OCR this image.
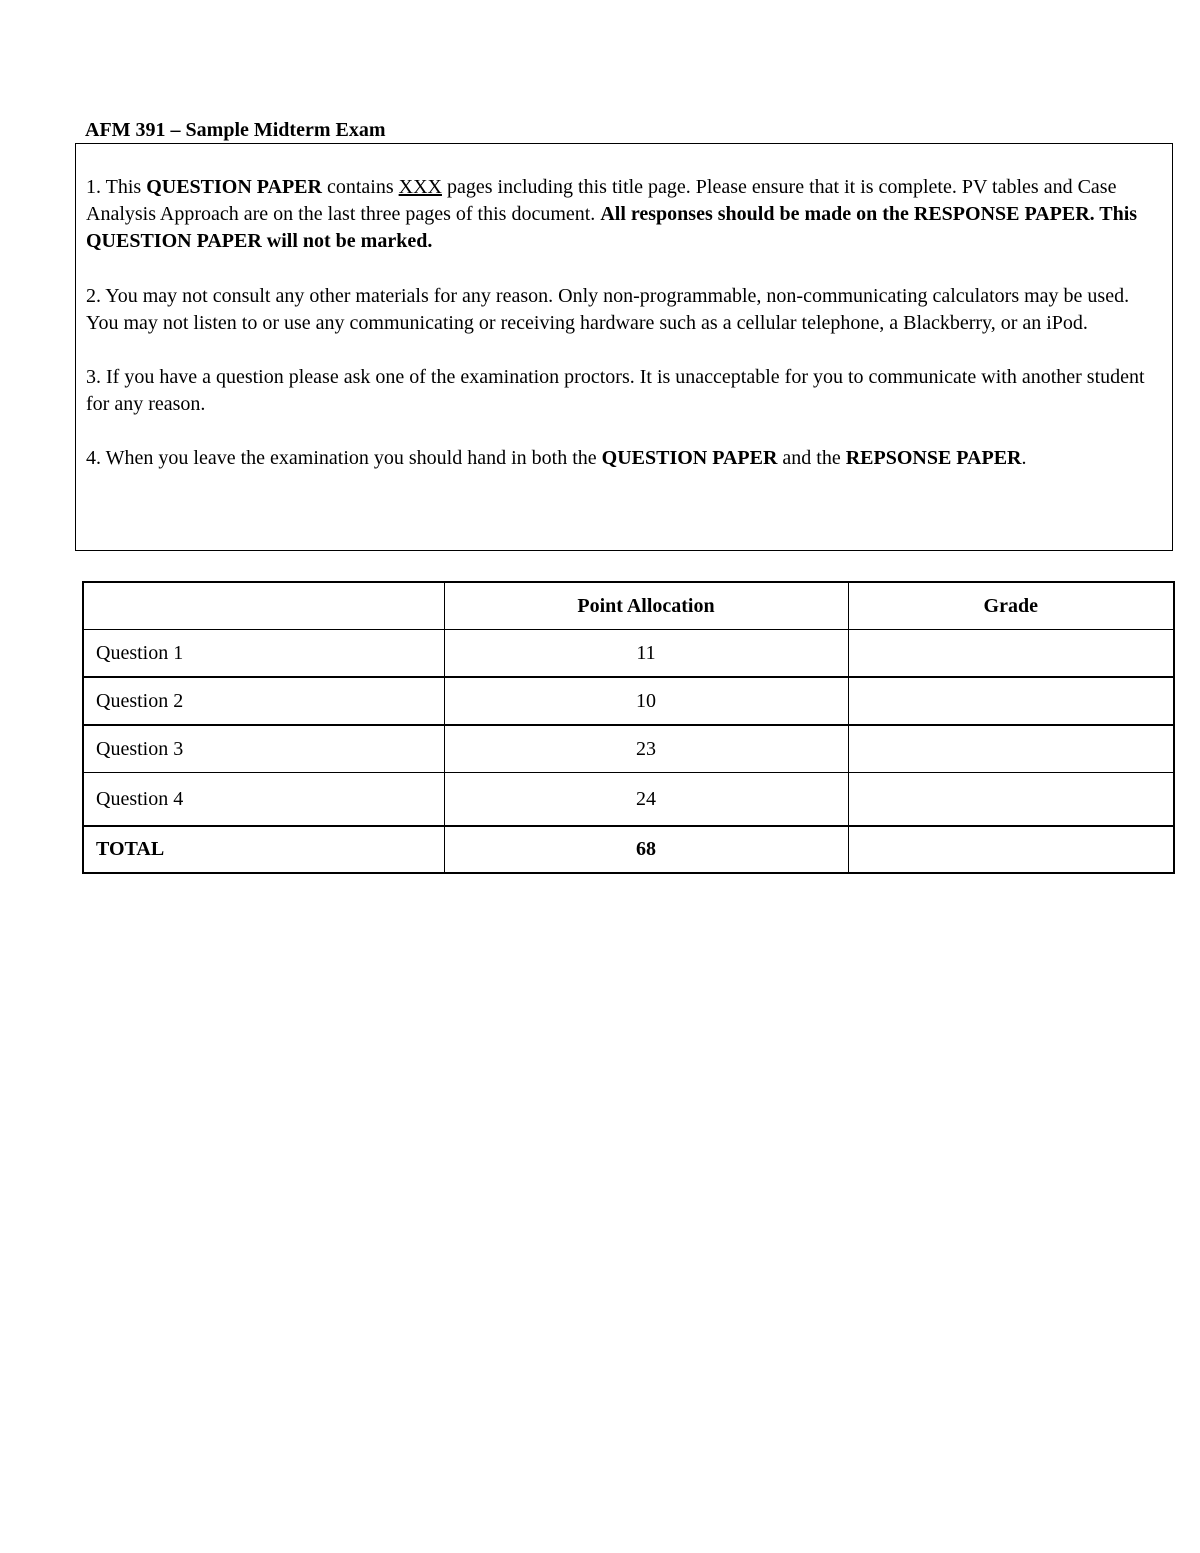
AFM 391 – Sample Midterm Exam

1. This QUESTION PAPER contains XXX pages including this title page. Please ensure that it is complete. PV tables and Case Analysis Approach are on the last three pages of this document. All responses should be made on the RESPONSE PAPER. This QUESTION PAPER will not be marked.

2. You may not consult any other materials for any reason. Only non-programmable, non-communicating calculators may be used. You may not listen to or use any communicating or receiving hardware such as a cellular telephone, a Blackberry, or an iPod.

3. If you have a question please ask one of the examination proctors. It is unacceptable for you to communicate with another student for any reason.

4. When you leave the examination you should hand in both the QUESTION PAPER and the REPSONSE PAPER.

	Point Allocation	Grade
Question 1	11	
Question 2	10	
Question 3	23	
Question 4	24	
TOTAL	68	
